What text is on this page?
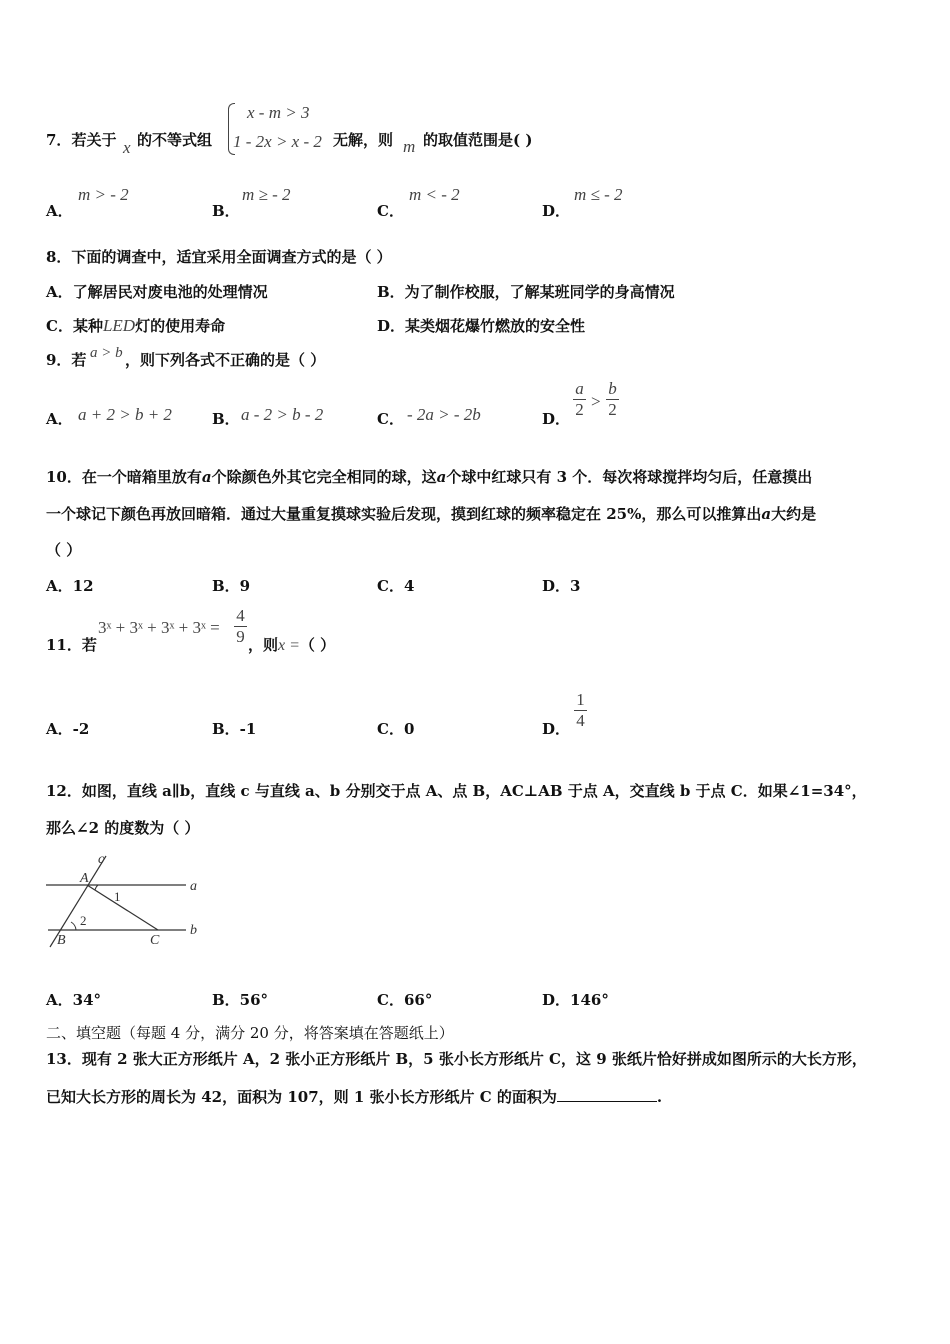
7．若关于 x 的不等式组
x - m > 3
1 - 2x > x - 2 无解，则 m 的取值范围是( )
A．
m > - 2
B．
m ≥ - 2
C．
m < - 2
D．
m ≤ - 2
8．下面的调查中，适宜采用全面调查方式的是（ ）
A．了解居民对废电池的处理情况	B．为了制作校服，了解某班同学的身高情况
C．某种LED灯的使用寿命	D．某类烟花爆竹燃放的安全性
9．若 a > b ，则下列各式不正确的是（ ）
A． a + 2 > b + 2	B． a - 2 > b - 2	C． - 2a > - 2b	D．
a
2 >
b
2
10．在一个暗箱里放有a个除颜色外其它完全相同的球，这a个球中红球只有 3 个．每次将球搅拌均匀后，任意摸出
一个球记下颜色再放回暗箱．通过大量重复摸球实验后发现，摸到红球的频率稳定在 25%，那么可以推算出a大约是
（ ）
A．12	B．9	C．4	D．3
11．若
3ˣ + 3ˣ + 3ˣ + 3ˣ =
4
9 ，则x =（ ）
A．-2	B．-1	C．0	D．
1
4
12．如图，直线 a∥b，直线 c 与直线 a、b 分别交于点 A、点 B，AC⊥AB 于点 A，交直线 b 于点 C．如果∠1=34°，
那么∠2 的度数为（ ）
c
A
a
1
2
B	C
b
A．34°	B．56°	C．66°	D．146°
二、填空题（每题 4 分，满分 20 分，将答案填在答题纸上）
13．现有 2 张大正方形纸片 A，2 张小正方形纸片 B，5 张小长方形纸片 C，这 9 张纸片恰好拼成如图所示的大长方形，
已知大长方形的周长为 42，面积为 107，则 1 张小长方形纸片 C 的面积为	.
